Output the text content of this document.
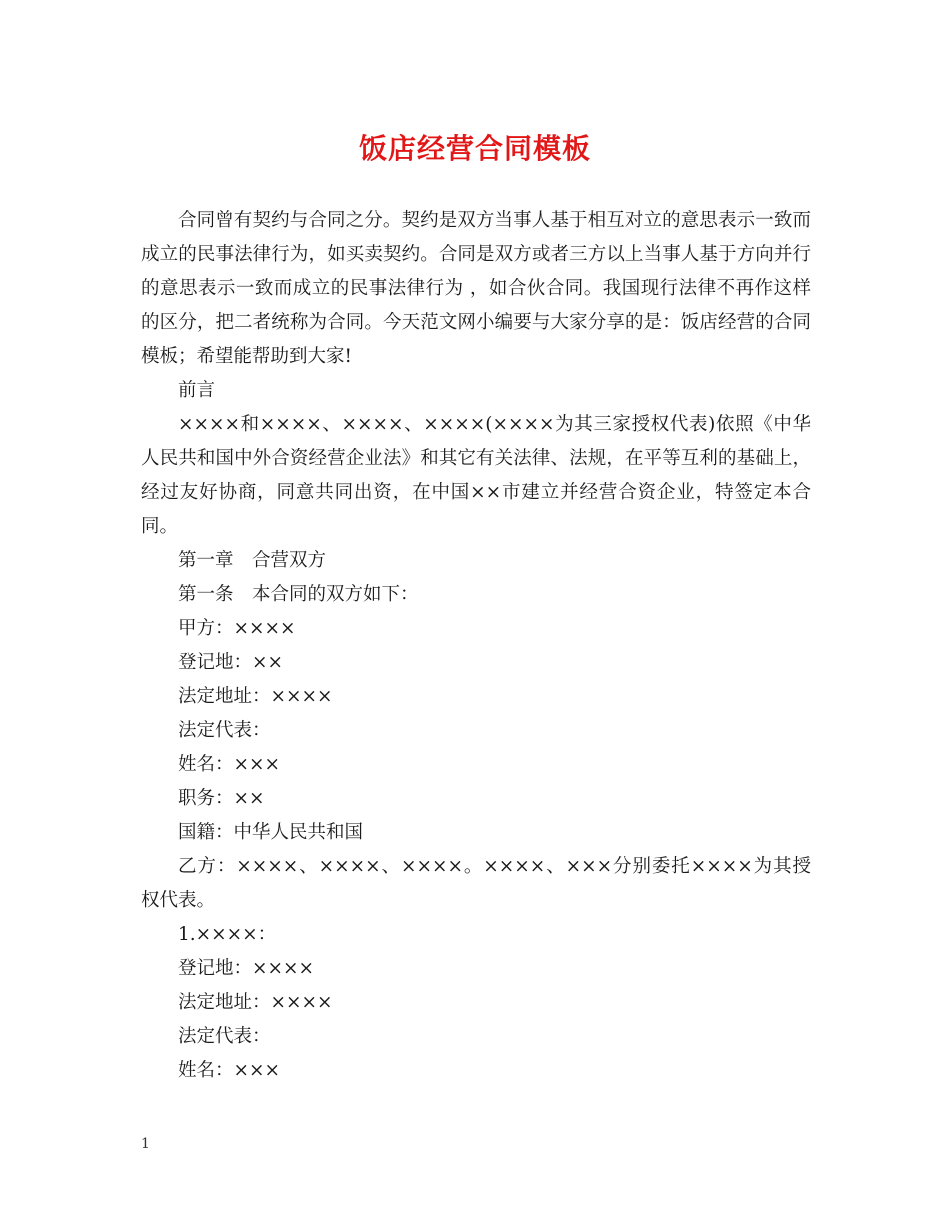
饭店经营合同模板

合同曾有契约与合同之分。契约是双方当事人基于相互对立的意思表示一致而成立的民事法律行为，如买卖契约。合同是双方或者三方以上当事人基于方向并行的意思表示一致而成立的民事法律行为 ，如合伙合同。我国现行法律不再作这样的区分，把二者统称为合同。今天范文网小编要与大家分享的是：饭店经营的合同模板；希望能帮助到大家!

前言

××××和××××、××××、××××(××××为其三家授权代表)依照《中华人民共和国中外合资经营企业法》和其它有关法律、法规，在平等互利的基础上，经过友好协商，同意共同出资，在中国××市建立并经营合资企业，特签定本合同。

第一章　合营双方

第一条　本合同的双方如下：

甲方：××××

登记地：××

法定地址：××××

法定代表：

姓名：×××

职务：××

国籍：中华人民共和国

乙方：××××、××××、××××。××××、×××分别委托××××为其授权代表。

1.××××：

登记地：××××

法定地址：××××

法定代表：

姓名：×××

1
